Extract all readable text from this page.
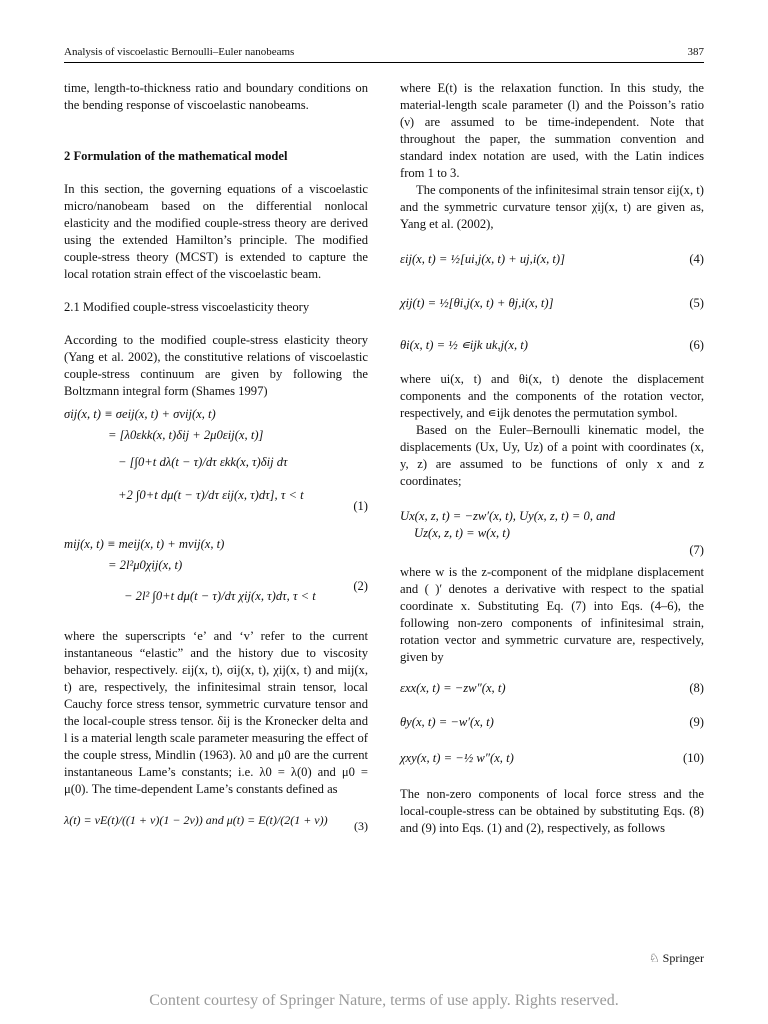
Analysis of viscoelastic Bernoulli–Euler nanobeams	387

time, length-to-thickness ratio and boundary conditions on the bending response of viscoelastic nanobeams.

2 Formulation of the mathematical model

In this section, the governing equations of a viscoelastic micro/nanobeam based on the differential nonlocal elasticity and the modified couple-stress theory are derived using the extended Hamilton’s principle. The modified couple-stress theory (MCST) is extended to capture the local rotation strain effect of the viscoelastic beam.

2.1 Modified couple-stress viscoelasticity theory

According to the modified couple-stress elasticity theory (Yang et al. 2002), the constitutive relations of viscoelastic couple-stress continuum are given by following the Boltzmann integral form (Shames 1997)

σij(x, t) ≡ σeij(x, t) + σvij(x, t)
= [λ0εkk(x, t)δij + 2μ0εij(x, t)]
− [∫0+t dλ(t − τ)/dτ εkk(x, τ)δij dτ
+2 ∫0+t dμ(t − τ)/dτ εij(x, τ)dτ], τ < t
(1)
mij(x, t) ≡ meij(x, t) + mvij(x, t)
= 2l²μ0χij(x, t)
− 2l² ∫0+t dμ(t − τ)/dτ χij(x, τ)dτ, τ < t
(2)

where the superscripts ‘e’ and ‘v’ refer to the current instantaneous “elastic” and the history due to viscosity behavior, respectively. εij(x, t), σij(x, t), χij(x, t) and mij(x, t) are, respectively, the infinitesimal strain tensor, local Cauchy force stress tensor, symmetric curvature tensor and the local-couple stress tensor. δij is the Kronecker delta and l is a material length scale parameter measuring the effect of the couple stress, Mindlin (1963). λ0 and μ0 are the current instantaneous Lame’s constants; i.e. λ0 = λ(0) and μ0 = μ(0). The time-dependent Lame’s constants defined as

λ(t) = νE(t)/((1 + ν)(1 − 2ν)) and μ(t) = E(t)/(2(1 + ν)) (3)

where E(t) is the relaxation function. In this study, the material-length scale parameter (l) and the Poisson’s ratio (ν) are assumed to be time-independent. Note that throughout the paper, the summation convention and standard index notation are used, with the Latin indices from 1 to 3.

The components of the infinitesimal strain tensor εij(x, t) and the symmetric curvature tensor χij(x, t) are given as, Yang et al. (2002),

εij(x, t) = ½[ui,j(x, t) + uj,i(x, t)]	(4)
χij(t) = ½[θi,j(x, t) + θj,i(x, t)]	(5)
θi(x, t) = ½ ∊ijk uk,j(x, t)	(6)

where ui(x, t) and θi(x, t) denote the displacement components and the components of the rotation vector, respectively, and ∊ijk denotes the permutation symbol.

Based on the Euler–Bernoulli kinematic model, the displacements (Ux, Uy, Uz) of a point with coordinates (x, y, z) are assumed to be functions of only x and z coordinates;

Ux(x, z, t) = −zw′(x, t), Uy(x, z, t) = 0, and
Uz(x, z, t) = w(x, t)
(7)

where w is the z-component of the midplane displacement and ( )′ denotes a derivative with respect to the spatial coordinate x. Substituting Eq. (7) into Eqs. (4–6), the following non-zero components of infinitesimal strain, rotation vector and symmetric curvature are, respectively, given by

εxx(x, t) = −zw″(x, t)	(8)
θy(x, t) = −w′(x, t)	(9)
χxy(x, t) = −½ w″(x, t)	(10)

The non-zero components of local force stress and the local-couple-stress can be obtained by substituting Eqs. (8) and (9) into Eqs. (1) and (2), respectively, as follows

♘ Springer
Content courtesy of Springer Nature, terms of use apply. Rights reserved.
